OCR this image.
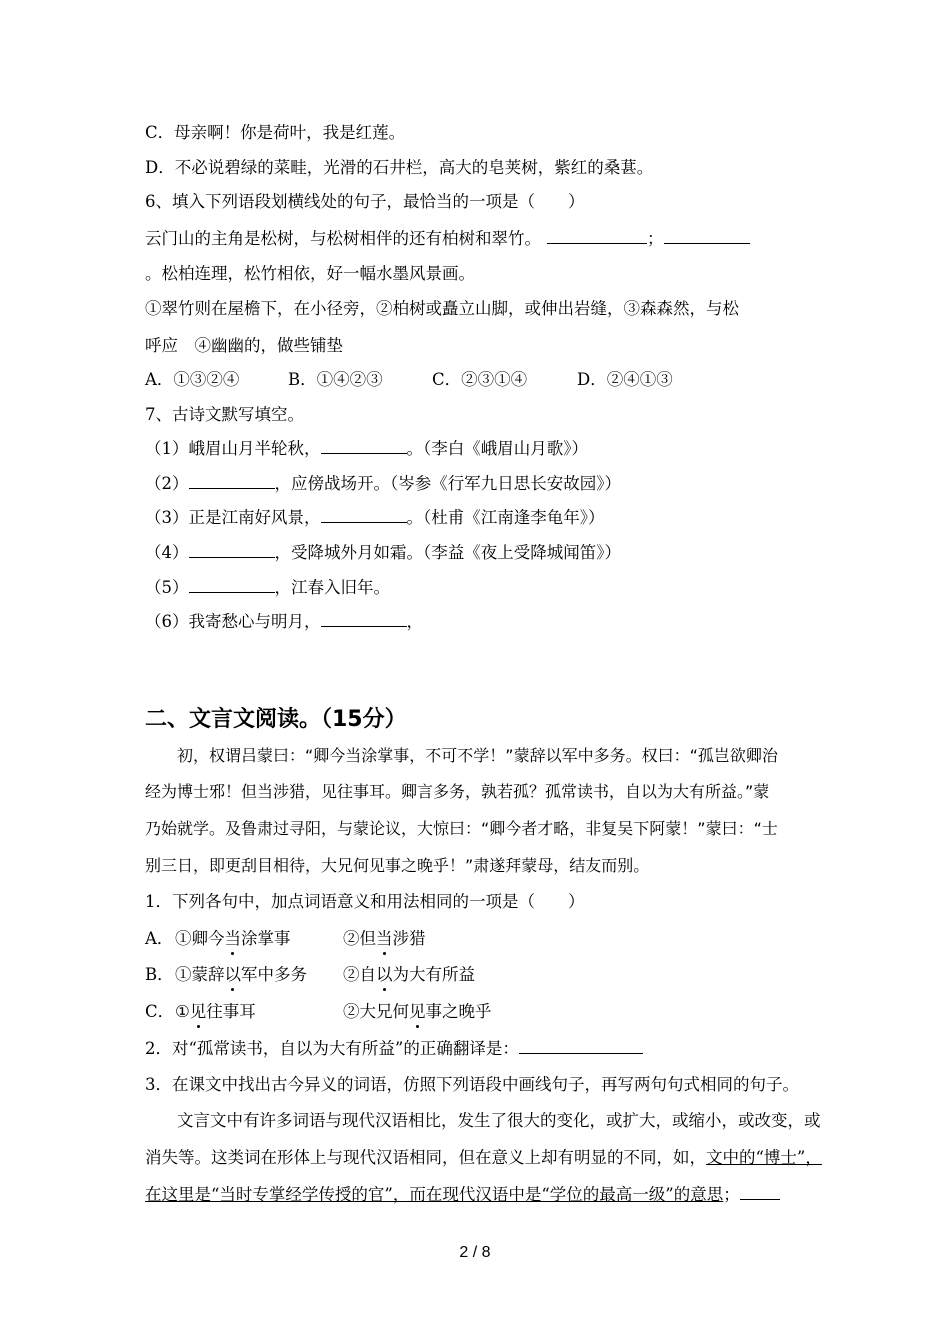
C．母亲啊！你是荷叶，我是红莲。
D．不必说碧绿的菜畦，光滑的石井栏，高大的皂荚树，紫红的桑葚。
6、填入下列语段划横线处的句子，最恰当的一项是（　　）
云门山的主角是松树，与松树相伴的还有柏树和翠竹。	；
。松柏连理，松竹相依，好一幅水墨风景画。
①翠竹则在屋檐下，在小径旁，②柏树或矗立山脚，或伸出岩缝，③森森然，与松
呼应　④幽幽的，做些铺垫
A．①③②④	B．①④②③	C．②③①④	D．②④①③
7、古诗文默写填空。
（1）峨眉山月半轮秋，	。（李白《峨眉山月歌》）
（2）	，应傍战场开。（岑参《行军九日思长安故园》）
（3）正是江南好风景，	。（杜甫《江南逢李龟年》）
（4）	，受降城外月如霜。（李益《夜上受降城闻笛》）
（5）	，江春入旧年。
（6）我寄愁心与明月，	，
二、文言文阅读。（15分）
初，权谓吕蒙曰：“卿今当涂掌事，不可不学！”蒙辞以军中多务。权曰：“孤岂欲卿治
经为博士邪！但当涉猎，见往事耳。卿言多务，孰若孤？孤常读书，自以为大有所益。”蒙
乃始就学。及鲁肃过寻阳，与蒙论议，大惊曰：“卿今者才略，非复吴下阿蒙！”蒙曰：“士
别三日，即更刮目相待，大兄何见事之晚乎！”肃遂拜蒙母，结友而别。
1．下列各句中，加点词语意义和用法相同的一项是（　　）
A．①卿今当涂掌事	②但当涉猎
B．①蒙辞以军中多务 ②自以为大有所益
C．①见往事耳	②大兄何见事之晚乎
2．对“孤常读书，自以为大有所益”的正确翻译是：
3．在课文中找出古今异义的词语，仿照下列语段中画线句子，再写两句句式相同的句子。
文言文中有许多词语与现代汉语相比，发生了很大的变化，或扩大，或缩小，或改变，或
消失等。这类词在形体上与现代汉语相同，但在意义上却有明显的不同，如，文中的“博士”，
在这里是“当时专掌经学传授的官”，而在现代汉语中是“学位的最高一级”的意思；
2 / 8
